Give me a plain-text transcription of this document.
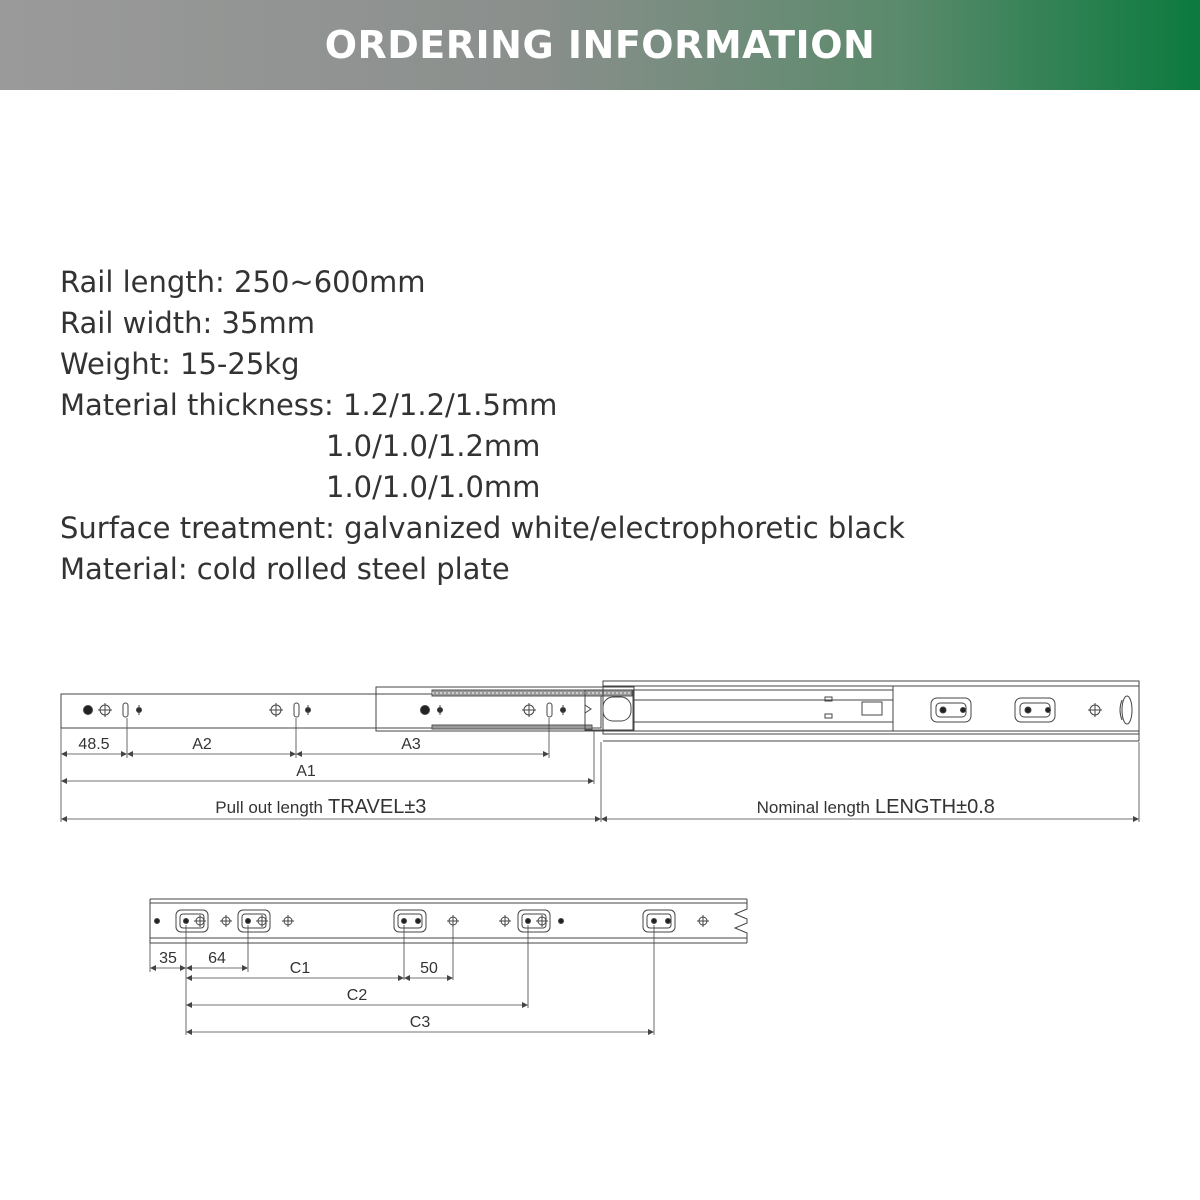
ORDERING INFORMATION
Rail length: 250~600mm
Rail width: 35mm
Weight: 15-25kg
Material thickness: 1.2/1.2/1.5mm
1.0/1.0/1.2mm
1.0/1.0/1.0mm
Surface treatment: galvanized white/electrophoretic black
Material: cold rolled steel plate
48.5	A2	A3
A1
Pull out length TRAVEL±3	Nominal length LENGTH±0.8
35 64
C1	50
C2
C3
